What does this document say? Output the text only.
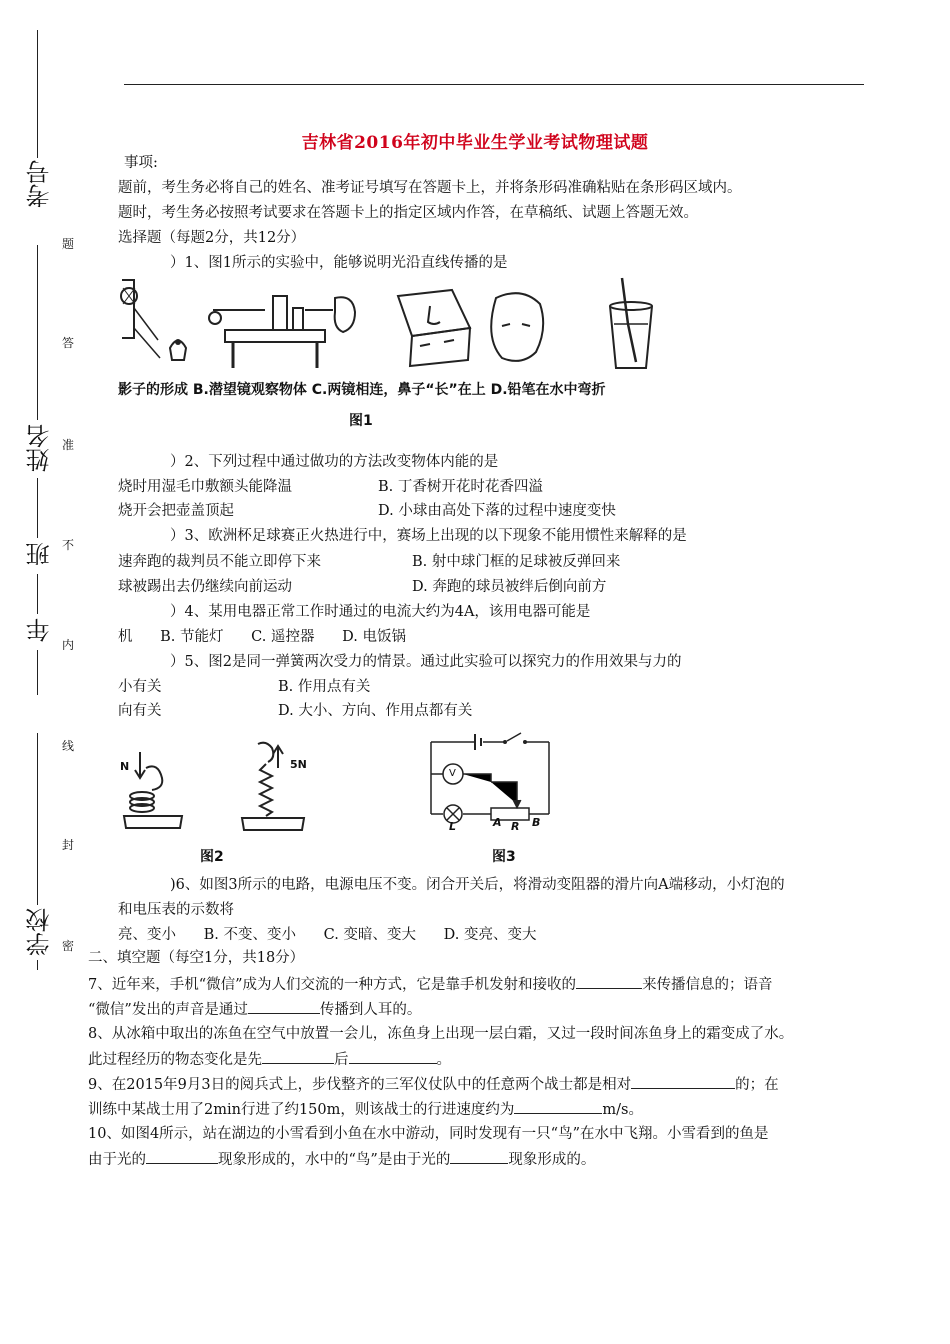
考号
姓名
班
年
学校
题
答
准
不
内
线
封
密
吉林省2016年初中毕业生学业考试物理试题
事项:
题前，考生务必将自己的姓名、准考证号填写在答题卡上，并将条形码准确粘贴在条形码区域内。
题时，考生务必按照考试要求在答题卡上的指定区域内作答，在草稿纸、试题上答题无效。
选择题（每题2分，共12分）
）1、图1所示的实验中，能够说明光沿直线传播的是
影子的形成 B.潜望镜观察物体 C.两镜相连，鼻子“长”在上 D.铅笔在水中弯折
图1
）2、下列过程中通过做功的方法改变物体内能的是
烧时用湿毛巾敷额头能降温	B. 丁香树开花时花香四溢
烧开会把壶盖顶起	D. 小球由高处下落的过程中速度变快
）3、欧洲杯足球赛正火热进行中，赛场上出现的以下现象不能用惯性来解释的是
速奔跑的裁判员不能立即停下来	B. 射中球门框的足球被反弹回来
球被踢出去仍继续向前运动	D. 奔跑的球员被绊后倒向前方
）4、某用电器正常工作时通过的电流大约为4A，该用电器可能是
机      B. 节能灯      C. 遥控器      D. 电饭锅
）5、图2是同一弹簧两次受力的情景。通过此实验可以探究力的作用效果与力的
小有关	B. 作用点有关
向有关	D. 大小、方向、作用点都有关
N	5N
图2
V
L	A R B
图3
)6、如图3所示的电路，电源电压不变。闭合开关后，将滑动变阻器的滑片向A端移动，小灯泡的
和电压表的示数将
亮、变小      B. 不变、变小      C. 变暗、变大      D. 变亮、变大
二、填空题（每空1分，共18分）
7、近年来，手机“微信”成为人们交流的一种方式，它是靠手机发射和接收的	来传播信息的；语音
“微信”发出的声音是通过	传播到人耳的。
8、从冰箱中取出的冻鱼在空气中放置一会儿，冻鱼身上出现一层白霜，又过一段时间冻鱼身上的霜变成了水。
此过程经历的物态变化是先	后	。
9、在2015年9月3日的阅兵式上，步伐整齐的三军仪仗队中的任意两个战士都是相对	的；在
训练中某战士用了2min行进了约150m，则该战士的行进速度约为	m/s。
10、如图4所示，站在湖边的小雪看到小鱼在水中游动，同时发现有一只“鸟”在水中飞翔。小雪看到的鱼是
由于光的	现象形成的，水中的“鸟”是由于光的	现象形成的。
